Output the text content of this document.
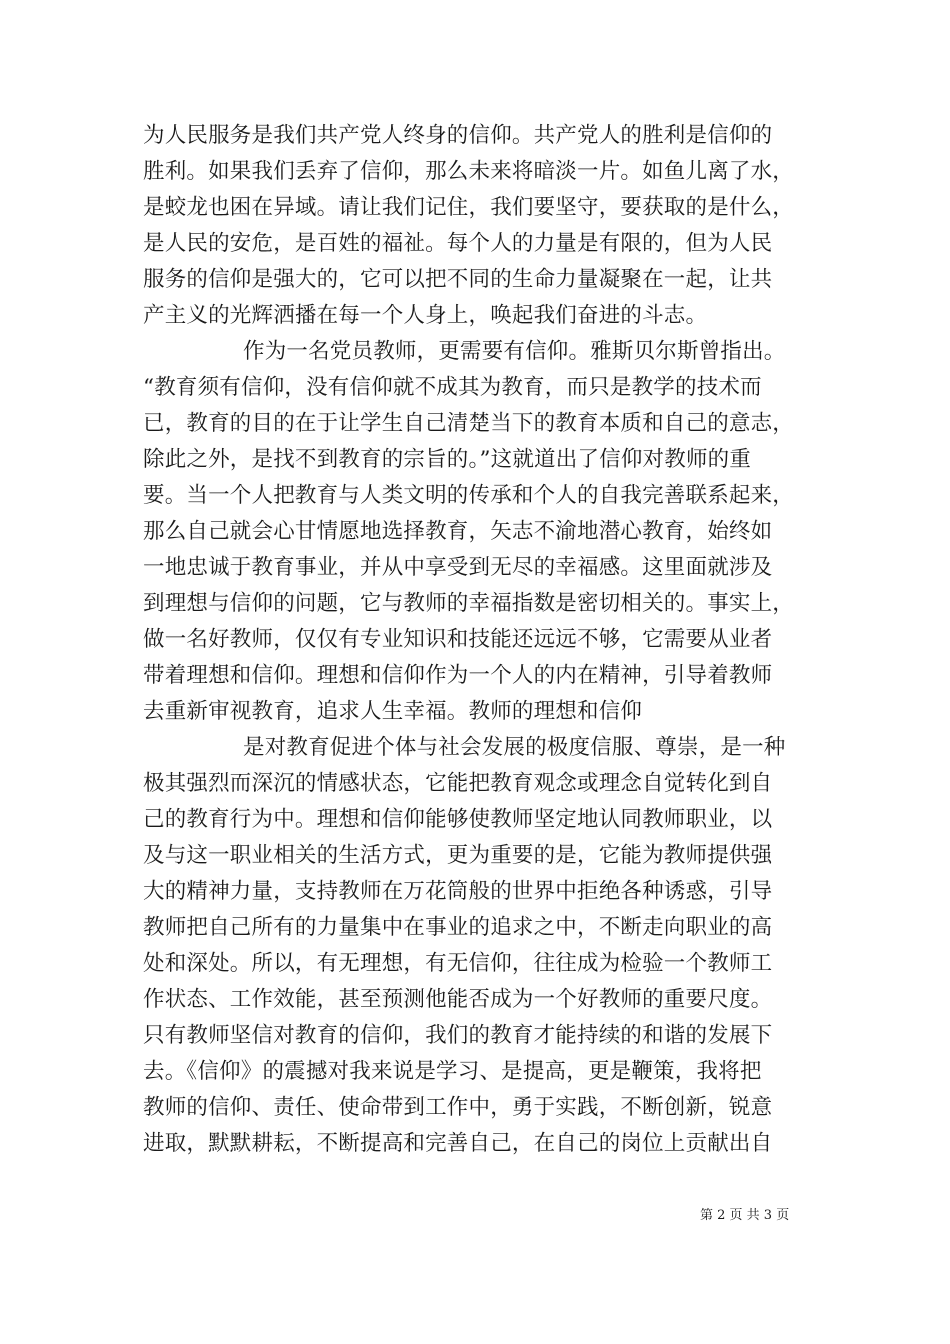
为人民服务是我们共产党人终身的信仰。共产党人的胜利是信仰的
胜利。如果我们丢弃了信仰，那么未来将暗淡一片。如鱼儿离了水，
是蛟龙也困在异域。请让我们记住，我们要坚守，要获取的是什么，
是人民的安危，是百姓的福祉。每个人的力量是有限的，但为人民
服务的信仰是强大的，它可以把不同的生命力量凝聚在一起，让共
产主义的光辉洒播在每一个人身上，唤起我们奋进的斗志。
作为一名党员教师，更需要有信仰。雅斯贝尔斯曾指出。
“教育须有信仰，没有信仰就不成其为教育，而只是教学的技术而
已，教育的目的在于让学生自己清楚当下的教育本质和自己的意志，
除此之外，是找不到教育的宗旨的。”这就道出了信仰对教师的重
要。当一个人把教育与人类文明的传承和个人的自我完善联系起来，
那么自己就会心甘情愿地选择教育，矢志不渝地潜心教育，始终如
一地忠诚于教育事业，并从中享受到无尽的幸福感。这里面就涉及
到理想与信仰的问题，它与教师的幸福指数是密切相关的。事实上，
做一名好教师，仅仅有专业知识和技能还远远不够，它需要从业者
带着理想和信仰。理想和信仰作为一个人的内在精神，引导着教师
去重新审视教育，追求人生幸福。教师的理想和信仰
是对教育促进个体与社会发展的极度信服、尊崇，是一种
极其强烈而深沉的情感状态，它能把教育观念或理念自觉转化到自
己的教育行为中。理想和信仰能够使教师坚定地认同教师职业，以
及与这一职业相关的生活方式，更为重要的是，它能为教师提供强
大的精神力量，支持教师在万花筒般的世界中拒绝各种诱惑，引导
教师把自己所有的力量集中在事业的追求之中，不断走向职业的高
处和深处。所以，有无理想，有无信仰，往往成为检验一个教师工
作状态、工作效能，甚至预测他能否成为一个好教师的重要尺度。
只有教师坚信对教育的信仰，我们的教育才能持续的和谐的发展下
去。《信仰》的震撼对我来说是学习、是提高，更是鞭策，我将把
教师的信仰、责任、使命带到工作中，勇于实践，不断创新，锐意
进取，默默耕耘，不断提高和完善自己，在自己的岗位上贡献出自
第 2 页 共 3 页
